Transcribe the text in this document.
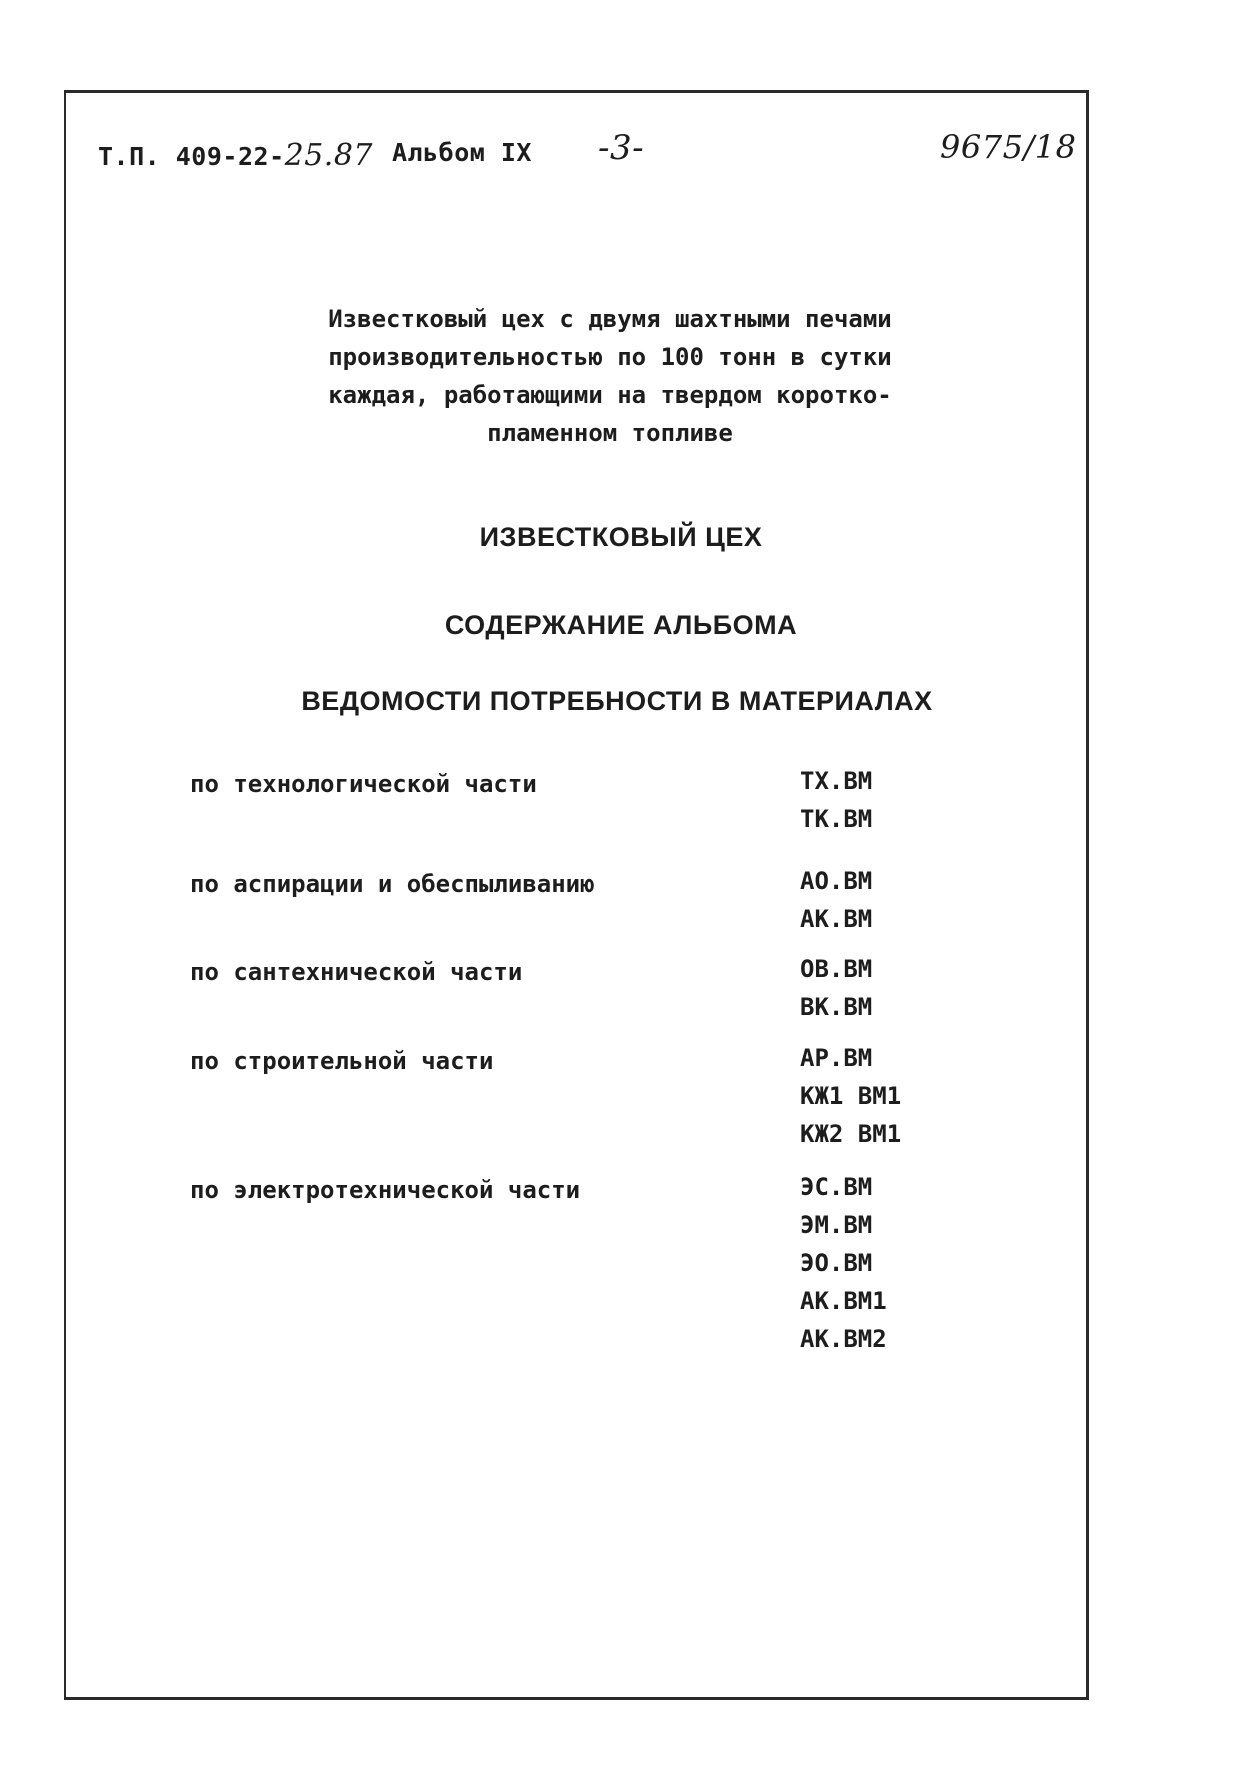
Т.П. 409-22-25.87 Альбом IX -3-	9675/18
Известковый цех с двумя шахтными печами
производительностью по 100 тонн в сутки
каждая, работающими на твердом коротко-
пламенном топливе
ИЗВЕСТКОВЫЙ ЦЕХ
СОДЕРЖАНИЕ АЛЬБОМА
ВЕДОМОСТИ ПОТРЕБНОСТИ В МАТЕРИАЛАХ
по технологической части	ТХ.ВМ
ТК.ВМ
по аспирации и обеспыливанию	АО.ВМ
АК.ВМ
по сантехнической части	ОВ.ВМ
ВК.ВМ
по строительной части	АР.ВМ
КЖ1 ВМ1
КЖ2 ВМ1
по электротехнической части	ЭС.ВМ
ЭМ.ВМ
ЭО.ВМ
АК.ВМ1
АК.ВМ2
